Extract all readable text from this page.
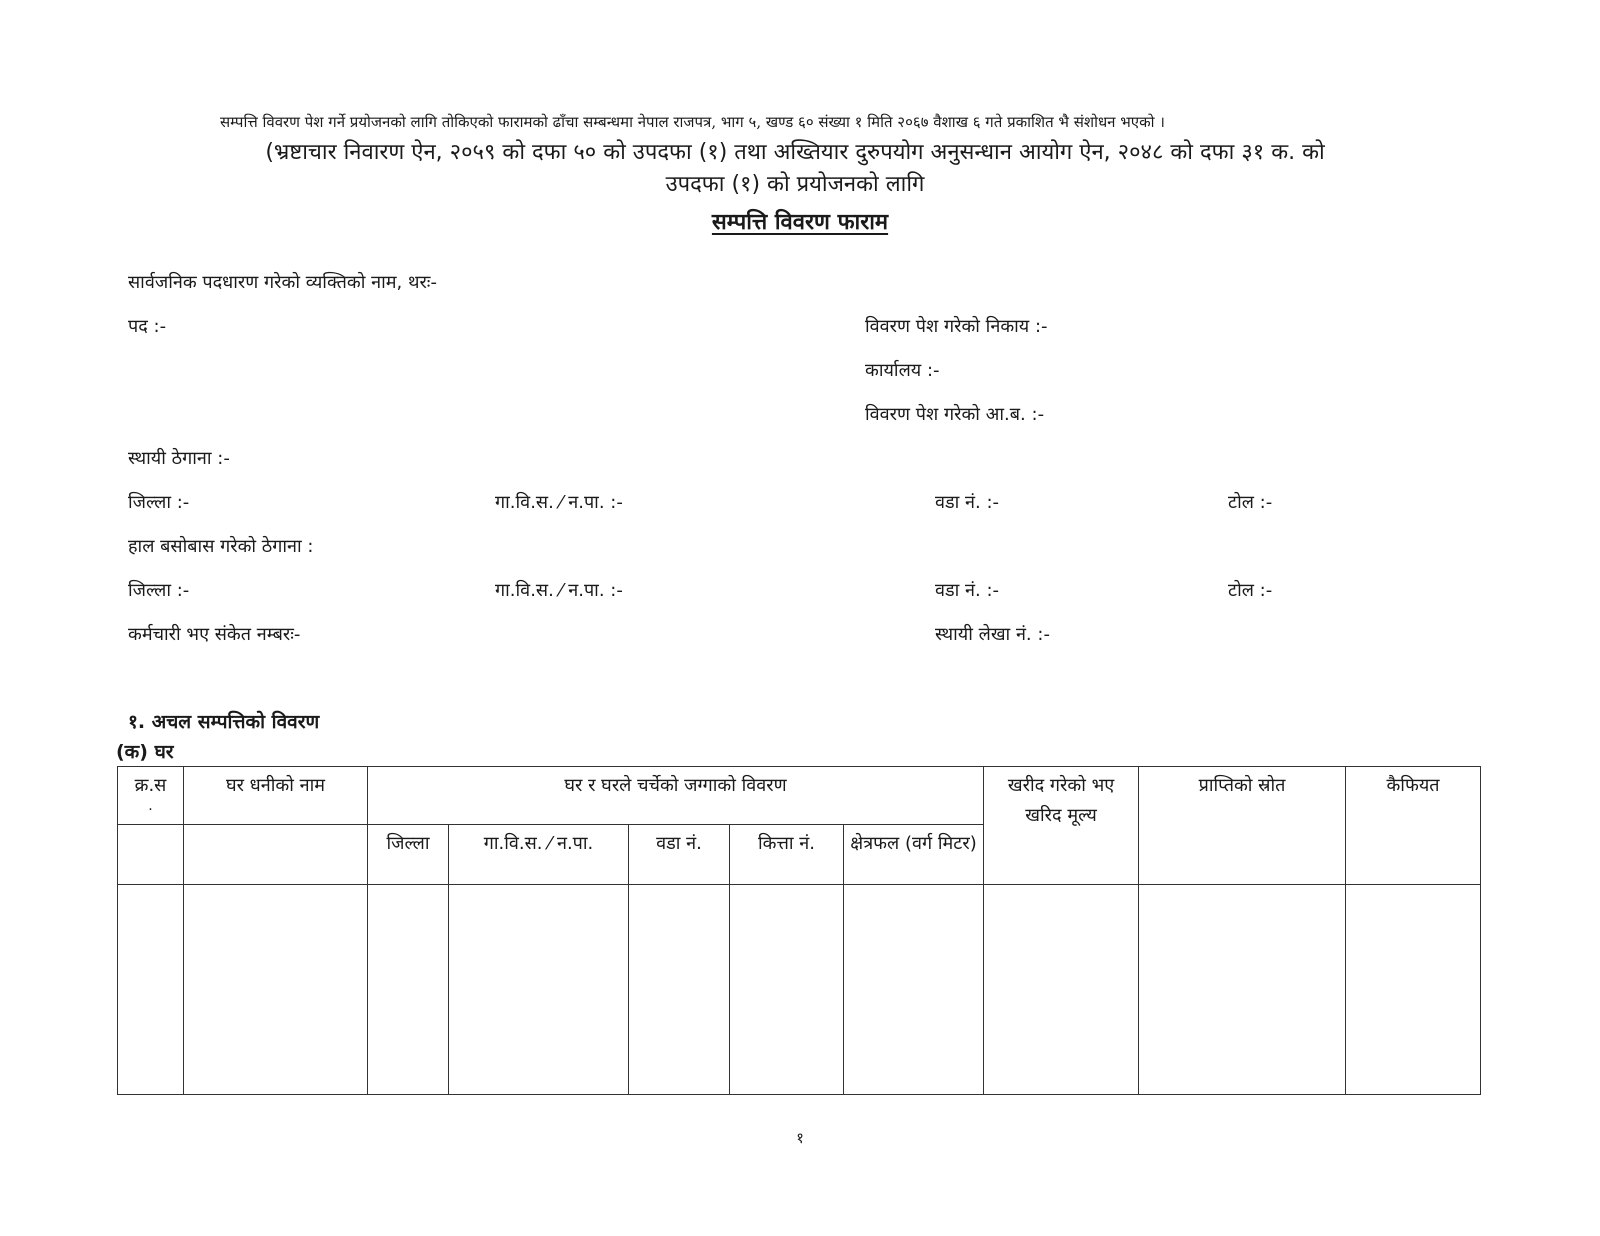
सम्पत्ति विवरण पेश गर्ने प्रयोजनको लागि तोकिएको फारामको ढाँचा सम्बन्धमा नेपाल राजपत्र, भाग ५, खण्ड ६० संख्या १ मिति २०६७ वैशाख ६ गते प्रकाशित भै संशोधन भएको ।
(भ्रष्टाचार निवारण ऐन, २०५९ को दफा ५० को उपदफा (१) तथा अख्तियार दुरुपयोग अनुसन्धान आयोग ऐन, २०४८ को दफा ३१ क. को
उपदफा (१) को प्रयोजनको लागि
सम्पत्ति विवरण फाराम
सार्वजनिक पदधारण गरेको व्यक्तिको नाम, थरः-
पद :-	विवरण पेश गरेको निकाय :-
कार्यालय :-
विवरण पेश गरेको आ.ब. :-
स्थायी ठेगाना :-
जिल्ला :-	गा.वि.स. ⁄ न.पा. :-	वडा नं. :-	टोल :-
हाल बसोबास गरेको ठेगाना :
जिल्ला :-	गा.वि.स. ⁄ न.पा. :-	वडा नं. :-	टोल :-
कर्मचारी भए संकेत नम्बरः-	स्थायी लेखा नं. :-
१. अचल सम्पत्तिको विवरण
(क) घर
क्र.स
.	घर धनीको नाम	घर र घरले चर्चेको जग्गाको विवरण					खरीद गरेको भए खरिद मूल्य	प्राप्तिको स्रोत	कैफियत
		जिल्ला	गा.वि.स. ⁄ न.पा.	वडा नं.	कित्ता नं.	क्षेत्रफल (वर्ग मिटर)			

१
